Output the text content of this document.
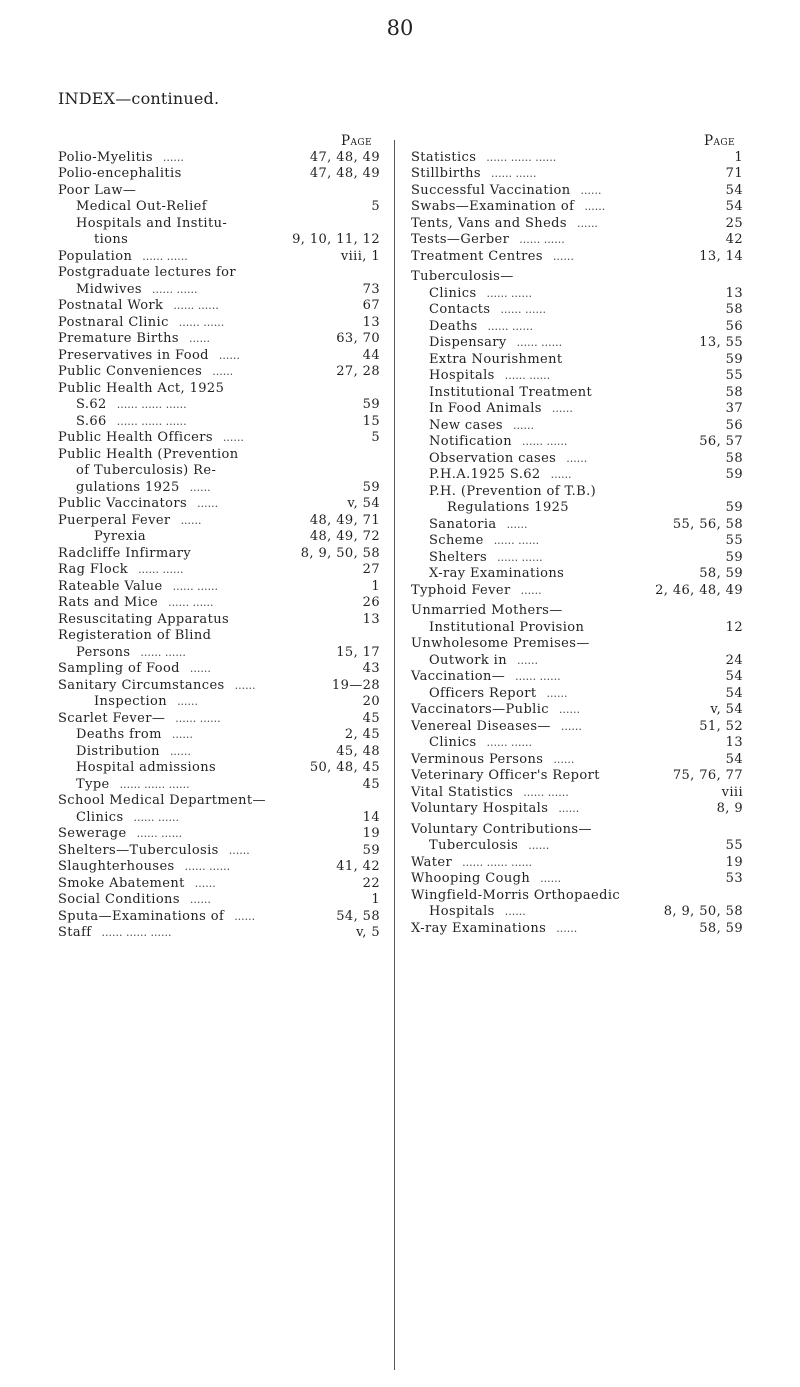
80
INDEX—continued.
Page
Polio-Myelitis ......	47, 48, 49
Polio-encephalitis	47, 48, 49
Poor Law—
Medical Out-Relief	5
Hospitals and Institu-
tions	9, 10, 11, 12
Population ...... ......	viii, 1
Postgraduate lectures for
Midwives ...... ......	73
Postnatal Work ...... ......	67
Postnaral Clinic ...... ......	13
Premature Births ......	63, 70
Preservatives in Food ......	44
Public Conveniences ......	27, 28
Public Health Act, 1925
S.62 ...... ...... ......	59
S.66 ...... ...... ......	15
Public Health Officers ......	5
Public Health (Prevention
of Tuberculosis) Re-
gulations 1925 ......	59
Public Vaccinators ......	v, 54
Puerperal Fever ......	48, 49, 71
Pyrexia	48, 49, 72
Radcliffe Infirmary	8, 9, 50, 58
Rag Flock ...... ......	27
Rateable Value ...... ......	1
Rats and Mice ...... ......	26
Resuscitating Apparatus	13
Registeration of Blind
Persons ...... ......	15, 17
Sampling of Food ......	43
Sanitary Circumstances ......	19—28
Inspection ......	20
Scarlet Fever— ...... ......	45
Deaths from ......	2, 45
Distribution ......	45, 48
Hospital admissions	50, 48, 45
Type ...... ...... ......	45
School Medical Department—
Clinics ...... ......	14
Sewerage ...... ......	19
Shelters—Tuberculosis ......	59
Slaughterhouses ...... ......	41, 42
Smoke Abatement ......	22
Social Conditions ......	1
Sputa—Examinations of ......	54, 58
Staff ...... ...... ......	v, 5
Page
Statistics ...... ...... ......	1
Stillbirths ...... ......	71
Successful Vaccination ......	54
Swabs—Examination of ......	54
Tents, Vans and Sheds ......	25
Tests—Gerber ...... ......	42
Treatment Centres ......	13, 14
Tuberculosis—
Clinics ...... ......	13
Contacts ...... ......	58
Deaths ...... ......	56
Dispensary ...... ......	13, 55
Extra Nourishment	59
Hospitals ...... ......	55
Institutional Treatment	58
In Food Animals ......	37
New cases ......	56
Notification ...... ......	56, 57
Observation cases ......	58
P.H.A.1925 S.62 ......	59
P.H. (Prevention of T.B.)
Regulations 1925	59
Sanatoria ......	55, 56, 58
Scheme ...... ......	55
Shelters ...... ......	59
X-ray Examinations	58, 59
Typhoid Fever ......	2, 46, 48, 49
Unmarried Mothers—
Institutional Provision	12
Unwholesome Premises—
Outwork in ......	24
Vaccination— ...... ......	54
Officers Report ......	54
Vaccinators—Public ......	v, 54
Venereal Diseases— ......	51, 52
Clinics ...... ......	13
Verminous Persons ......	54
Veterinary Officer's Report	75, 76, 77
Vital Statistics ...... ......	viii
Voluntary Hospitals ......	8, 9
Voluntary Contributions—
Tuberculosis ......	55
Water ...... ...... ......	19
Whooping Cough ......	53
Wingfield-Morris Orthopaedic
Hospitals ......	8, 9, 50, 58
X-ray Examinations ......	58, 59
